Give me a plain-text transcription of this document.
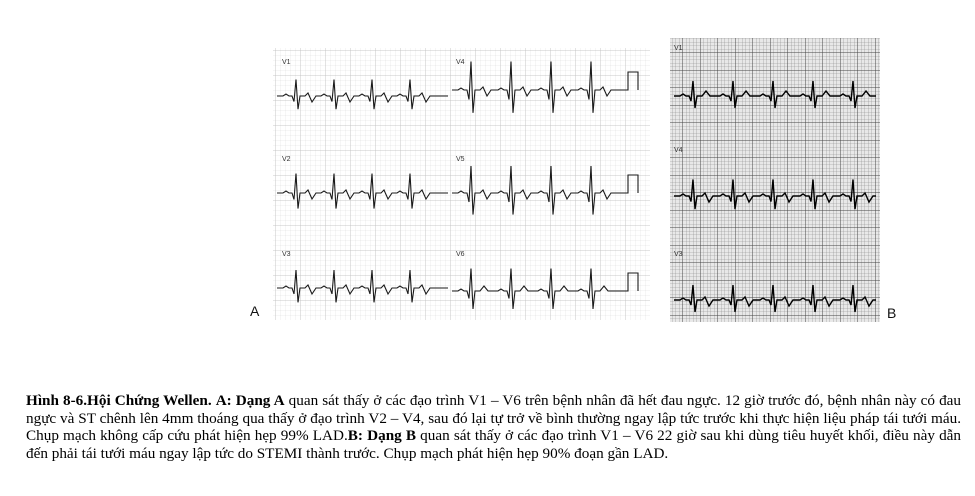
V1	V4
V2	V5
V3	V6
V1
V4
V3
A	B
Hình 8-6.Hội Chứng Wellen. A: Dạng A quan sát thấy ở các đạo trình V1 – V6 trên bệnh nhân đã hết đau ngực. 12 giờ trước đó, bệnh nhân này có đau ngực và ST chênh lên 4mm thoáng qua thấy ở đạo trình V2 – V4, sau đó lại tự trở về bình thường ngay lập tức trước khi thực hiện liệu pháp tái tưới máu. Chụp mạch không cấp cứu phát hiện hẹp 99% LAD.B: Dạng B quan sát thấy ở các đạo trình V1 – V6 22 giờ sau khi dùng tiêu huyết khối, điều này dẫn đến phải tái tưới máu ngay lập tức do STEMI thành trước. Chụp mạch phát hiện hẹp 90% đoạn gần LAD.
